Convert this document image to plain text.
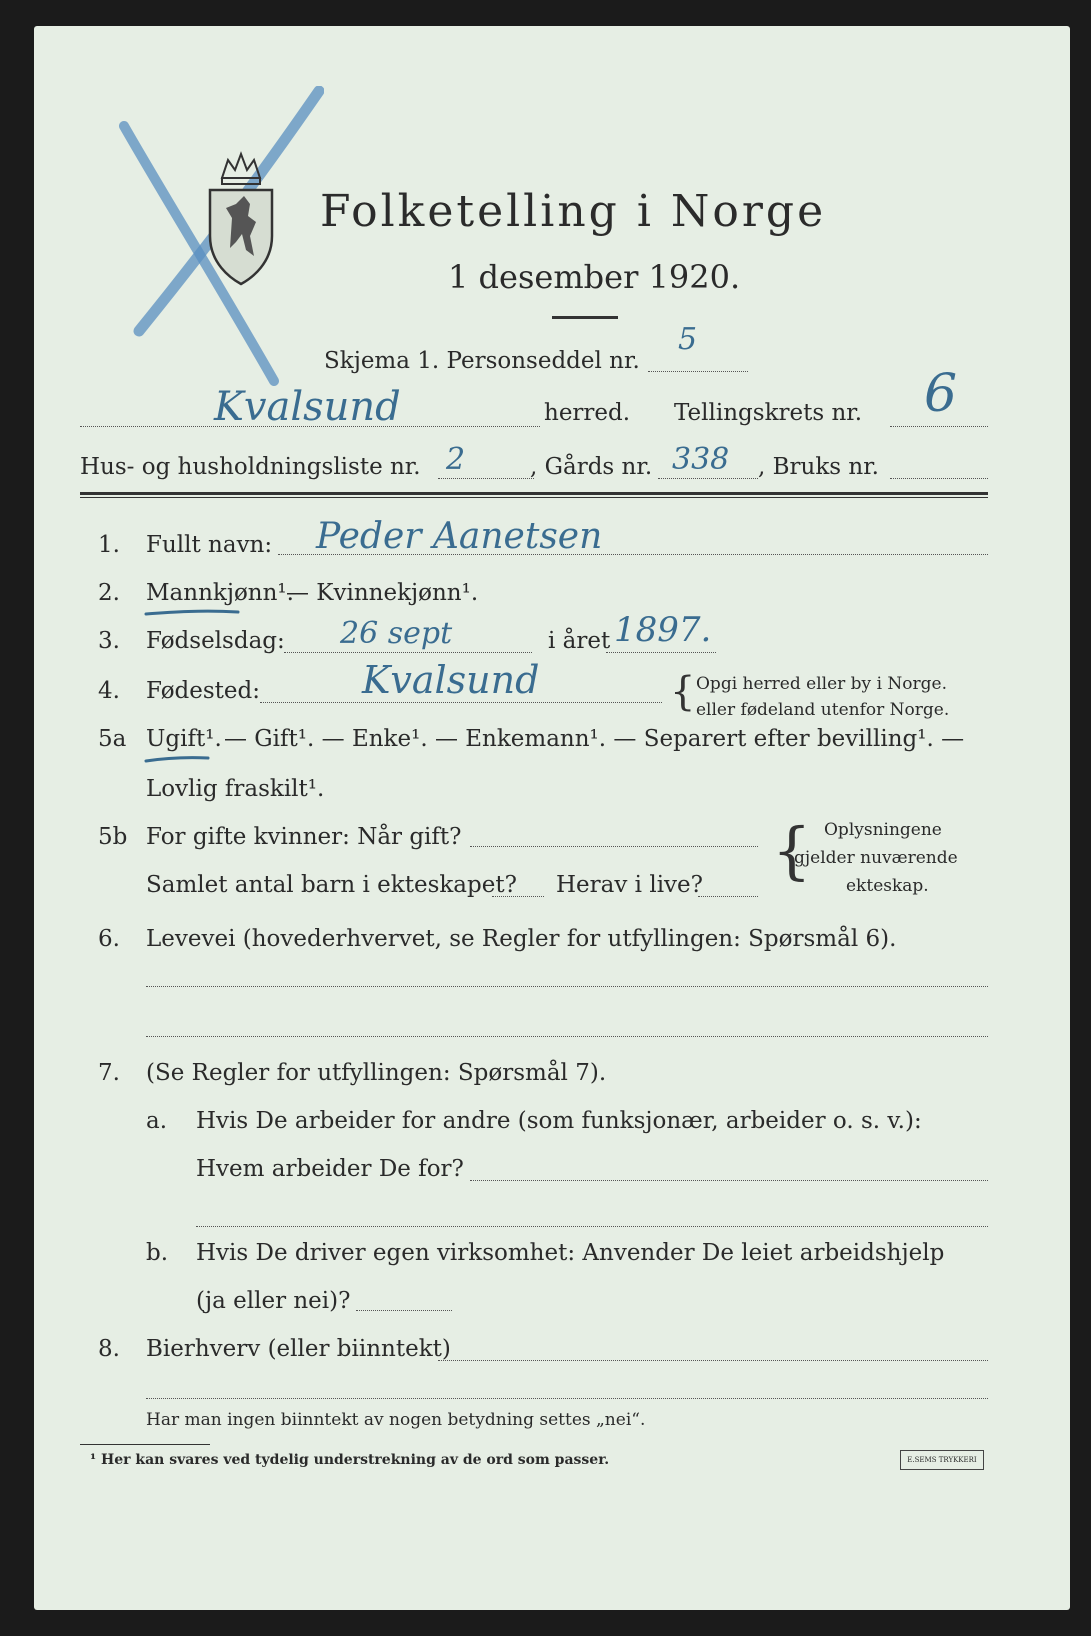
Folketelling i Norge
1 desember 1920.
Skjema 1. Personseddel nr.
5
Kvalsund	herred. Tellingskrets nr. 6
Hus- og husholdningsliste nr. 2	, Gårds nr. 338 , Bruks nr.
1. Fullt navn: Peder Aanetsen
2. Mannkjønn¹.
— Kvinnekjønn¹.
3. Fødselsdag: 26 sept	i året 1897.
4. Fødested:	Kvalsund	{ Opgi herred eller by i Norge.
eller fødeland utenfor Norge.
5a Ugift¹. — Gift¹. — Enke¹. — Enkemann¹. — Separert efter bevilling¹. —
Lovlig fraskilt¹.
5b For gifte kvinner: Når gift?
Samlet antal barn i ekteskapet? Herav i live? { Oplysningene
gjelder nuværende
ekteskap.
6. Levevei (hovederhvervet, se Regler for utfyllingen: Spørsmål 6).
7. (Se Regler for utfyllingen: Spørsmål 7).
a. Hvis De arbeider for andre (som funksjonær, arbeider o. s. v.):
Hvem arbeider De for?
b. Hvis De driver egen virksomhet: Anvender De leiet arbeidshjelp
(ja eller nei)?
8. Bierhverv (eller biinntekt)
Har man ingen biinntekt av nogen betydning settes „nei“.
¹ Her kan svares ved tydelig understrekning av de ord som passer.	E.SEMS TRYKKERI
